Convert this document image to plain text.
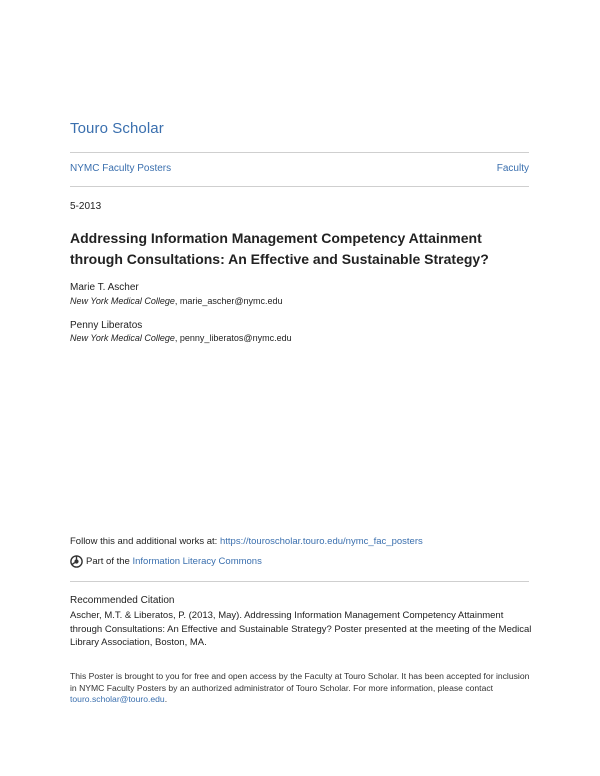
Touro Scholar
NYMC Faculty Posters	Faculty
5-2013
Addressing Information Management Competency Attainment through Consultations: An Effective and Sustainable Strategy?
Marie T. Ascher
New York Medical College, marie_ascher@nymc.edu
Penny Liberatos
New York Medical College, penny_liberatos@nymc.edu
Follow this and additional works at: https://touroscholar.touro.edu/nymc_fac_posters
Part of the
Information Literacy Commons
Recommended Citation
Ascher, M.T. & Liberatos, P. (2013, May). Addressing Information Management Competency Attainment through Consultations: An Effective and Sustainable Strategy? Poster presented at the meeting of the Medical Library Association, Boston, MA.
This Poster is brought to you for free and open access by the Faculty at Touro Scholar. It has been accepted for inclusion in NYMC Faculty Posters by an authorized administrator of Touro Scholar. For more information, please contact touro.scholar@touro.edu.
